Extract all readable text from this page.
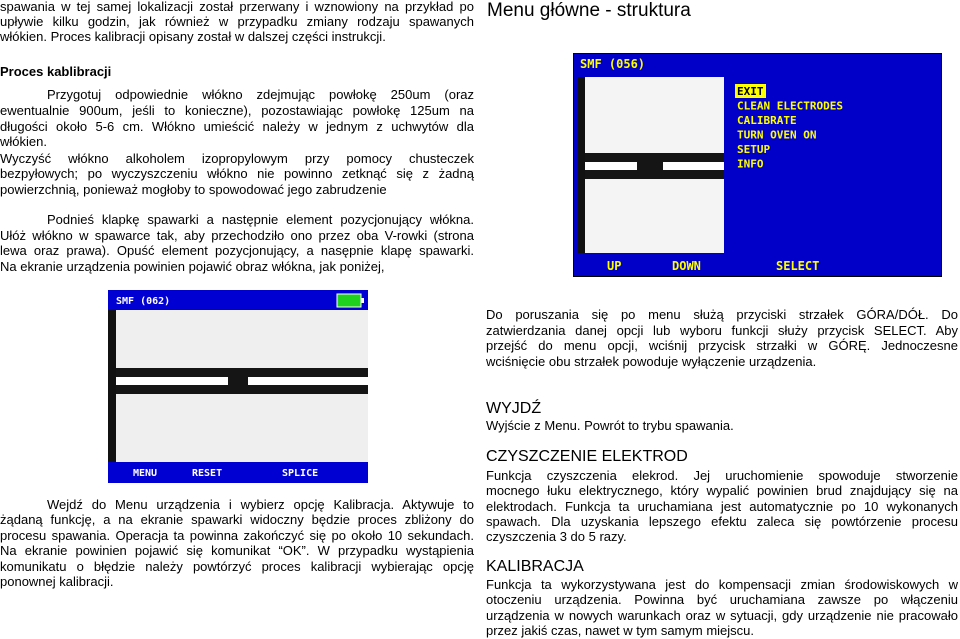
spawania w tej samej lokalizacji został przerwany i wznowiony na przykład po
upływie kilku godzin, jak również w przypadku zmiany rodzaju spawanych
włókien. Proces kalibracji opisany został w dalszej części instrukcji.
Proces kablibracji
Przygotuj odpowiednie włókno zdejmując powłokę 250um (oraz
ewentualnie 900um, jeśli to konieczne), pozostawiając powłokę 125um na
długości około 5-6 cm. Włókno umieścić należy w jednym z uchwytów dla
włókien.
Wyczyść włókno alkoholem izopropylowym przy pomocy chusteczek
bezpyłowych; po wyczyszczeniu włókno nie powinno zetknąć się z żadną
powierzchnią, ponieważ mogłoby to spowodować jego zabrudzenie
Podnieś klapkę spawarki a następnie element pozycjonujący włókna.
Ułóż włókno w spawarce tak, aby przechodziło ono przez oba V-rowki (strona
lewa oraz prawa). Opuść element pozycjonujący, a nasępnie klapę spawarki.
Na ekranie urządzenia powinien pojawić obraz włókna, jak poniżej,
SMF (062)
MENU	RESET	SPLICE
Wejdź do Menu urządzenia i wybierz opcję Kalibracja. Aktywuje to
żądaną funkcję, a na ekranie spawarki widoczny będzie proces zbliżony do
procesu spawania. Operacja ta powinna zakończyć się po około 10 sekundach.
Na ekranie powinien pojawić się komunikat “OK”. W przypadku wystąpienia
komunikatu o błędzie należy powtórzyć proces kalibracji wybierając opcję
ponownej kalibracji.
Menu główne - struktura
SMF (056)
EXIT
CLEAN ELECTRODES
CALIBRATE
TURN OVEN ON
SETUP
INFO
UP	DOWN	SELECT
Do poruszania się po menu służą przyciski strzałek GÓRA/DÓŁ. Do
zatwierdzania danej opcji lub wyboru funkcji służy przycisk SELECT. Aby
przejść do menu opcji, wciśnij przycisk strzałki w GÓRĘ. Jednoczesne
wciśnięcie obu strzałek powoduje wyłączenie urządzenia.
WYJDŹ
Wyjście z Menu. Powrót to trybu spawania.
CZYSZCZENIE ELEKTROD
Funkcja czyszczenia elekrod. Jej uruchomienie spowoduje stworzenie
mocnego łuku elektrycznego, który wypalić powinien brud znajdujący się na
elektrodach. Funkcja ta uruchamiana jest automatycznie po 10 wykonanych
spawach. Dla uzyskania lepszego efektu zaleca się powtórzenie procesu
czyszczenia 3 do 5 razy.
KALIBRACJA
Funkcja ta wykorzystywana jest do kompensacji zmian środowiskowych w
otoczeniu urządzenia. Powinna być uruchamiana zawsze po włączeniu
urządzenia w nowych warunkach oraz w sytuacji, gdy urządzenie nie pracowało
przez jakiś czas, nawet w tym samym miejscu.
